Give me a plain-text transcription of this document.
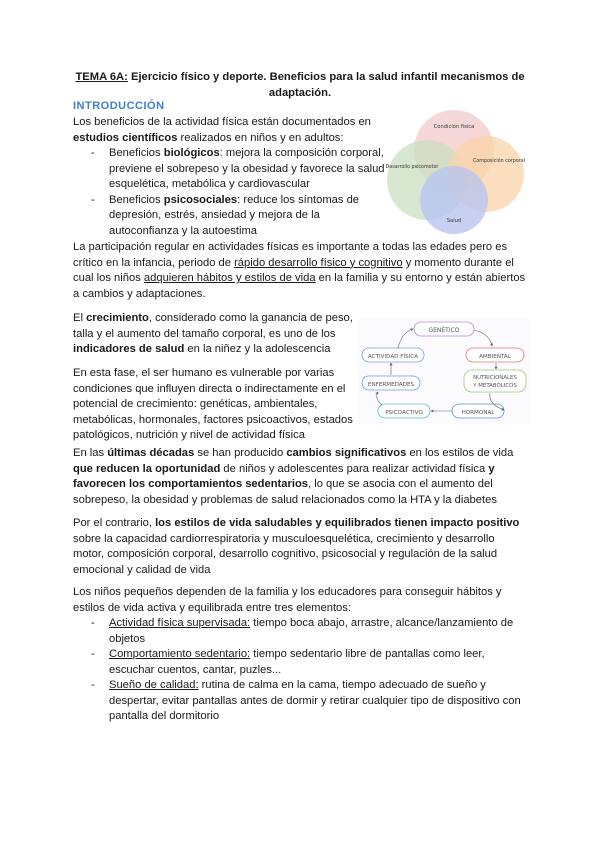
TEMA 6A: Ejercicio físico y deporte. Beneficios para la salud infantil mecanismos de adaptación.
INTRODUCCIÓN

Los beneficios de la actividad física están documentados en estudios científicos realizados en niños y en adultos:

- Beneficios biológicos: mejora la composición corporal, previene el sobrepeso y la obesidad y favorece la salud esquelética, metabólica y cardiovascular
- Beneficios psicosociales: reduce los síntomas de depresión, estrés, ansiedad y mejora de la autoconfianza y la autoestima
Condición física
Desarrollo psicomotor
Composición corporal
Salud

La participación regular en actividades físicas es importante a todas las edades pero es crítico en la infancia, periodo de rápido desarrollo físico y cognitivo y momento durante el cual los niños adquieren hábitos y estilos de vida en la familia y su entorno y están abiertos a cambios y adaptaciones.

El crecimiento, considerado como la ganancia de peso, talla y el aumento del tamaño corporal, es uno de los indicadores de salud en la niñez y la adolescencia

En esta fase, el ser humano es vulnerable por varias condiciones que influyen directa o indirectamente en el potencial de crecimiento: genéticas, ambientales, metabólicas, hormonales, factores psicoactivos, estados patológicos, nutrición y nivel de actividad física

GENÉTICO
ACTIVIDAD FÍSICA	AMBIENTAL
ENFERMEDADES
NUTRICIONALES
Y METABÓLICOS
PSICOACTIVO	HORMONAL

En las últimas décadas se han producido cambios significativos en los estilos de vida que reducen la oportunidad de niños y adolescentes para realizar actividad física y favorecen los comportamientos sedentarios, lo que se asocia con el aumento del sobrepeso, la obesidad y problemas de salud relacionados como la HTA y la diabetes

Por el contrario, los estilos de vida saludables y equilibrados tienen impacto positivo sobre la capacidad cardiorrespiratoria y musculoesquelética, crecimiento y desarrollo motor, composición corporal, desarrollo cognitivo, psicosocial y regulación de la salud emocional y calidad de vida

Los niños pequeños dependen de la familia y los educadores para conseguir hábitos y estilos de vida activa y equilibrada entre tres elementos:

- Actividad física supervisada: tiempo boca abajo, arrastre, alcance/lanzamiento de objetos
- Comportamiento sedentario: tiempo sedentario libre de pantallas como leer, escuchar cuentos, cantar, puzles...
- Sueño de calidad: rutina de calma en la cama, tiempo adecuado de sueño y despertar, evitar pantallas antes de dormir y retirar cualquier tipo de dispositivo con pantalla del dormitorio
